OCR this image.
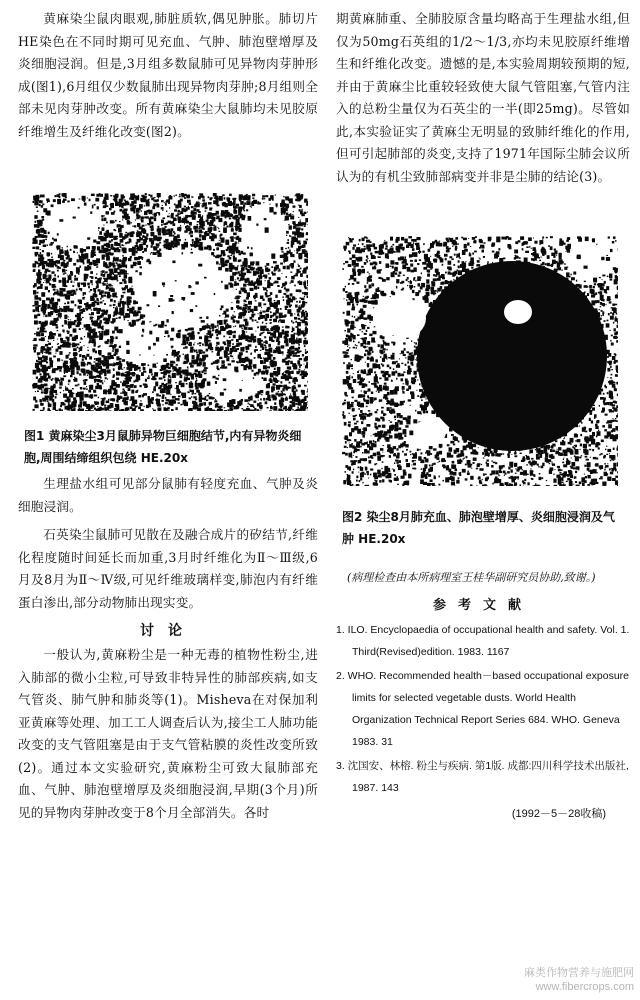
黄麻染尘鼠肉眼观,肺脏质软,偶见肿胀。肺切片HE染色在不同时期可见充血、气肿、肺泡壁增厚及炎细胞浸润。但是,3月组多数鼠肺可见异物肉芽肿形成(图1),6月组仅少数鼠肺出现异物肉芽肿;8月组则全部未见肉芽肿改变。所有黄麻染尘大鼠肺均未见胶原纤维增生及纤维化改变(图2)。

图1 黄麻染尘3月鼠肺异物巨细胞结节,内有异物炎细胞,周围结缔组织包绕 HE.20x

生理盐水组可见部分鼠肺有轻度充血、气肿及炎细胞浸润。

石英染尘鼠肺可见散在及融合成片的矽结节,纤维化程度随时间延长而加重,3月时纤维化为Ⅱ～Ⅲ级,6月及8月为Ⅱ～Ⅳ级,可见纤维玻璃样变,肺泡内有纤维蛋白渗出,部分动物肺出现实变。

讨论

一般认为,黄麻粉尘是一种无毒的植物性粉尘,进入肺部的微小尘粒,可导致非特异性的肺部疾病,如支气管炎、肺气肿和肺炎等(1)。Misheva在对保加利亚黄麻等处理、加工工人调查后认为,接尘工人肺功能改变的支气管阻塞是由于支气管粘膜的炎性改变所致(2)。通过本文实验研究,黄麻粉尘可致大鼠肺部充血、气肿、肺泡壁增厚及炎细胞浸润,早期(3个月)所见的异物肉芽肿改变于8个月全部消失。各时

期黄麻肺重、全肺胶原含量均略高于生理盐水组,但仅为50mg石英组的1/2～1/3,亦均未见胶原纤维增生和纤维化改变。遗憾的是,本实验周期较预期的短,并由于黄麻尘比重较轻致使大鼠气管阻塞,气管内注入的总粉尘量仅为石英尘的一半(即25mg)。尽管如此,本实验证实了黄麻尘无明显的致肺纤维化的作用,但可引起肺部的炎变,支持了1971年国际尘肺会议所认为的有机尘致肺部病变并非是尘肺的结论(3)。

图2 染尘8月肺充血、肺泡壁增厚、炎细胞浸润及气肿 HE.20x

(病理检查由本所病理室王桂华副研究员协助,致谢。)

参考文献
1. ILO. Encyclopaedia of occupational health and safety. Vol. 1. Third(Revised)edition. 1983. 1167
2. WHO. Recommended health－based occupational exposure limits for selected vegetable dusts. World Health Organization Technical Report Series 684. WHO. Geneva 1983. 31
3. 沈国安、林榕. 粉尘与疾病. 第1版. 成都:四川科学技术出版社, 1987. 143
(1992－5－28收稿)
麻类作物营养与施肥网
www.fibercrops.com
